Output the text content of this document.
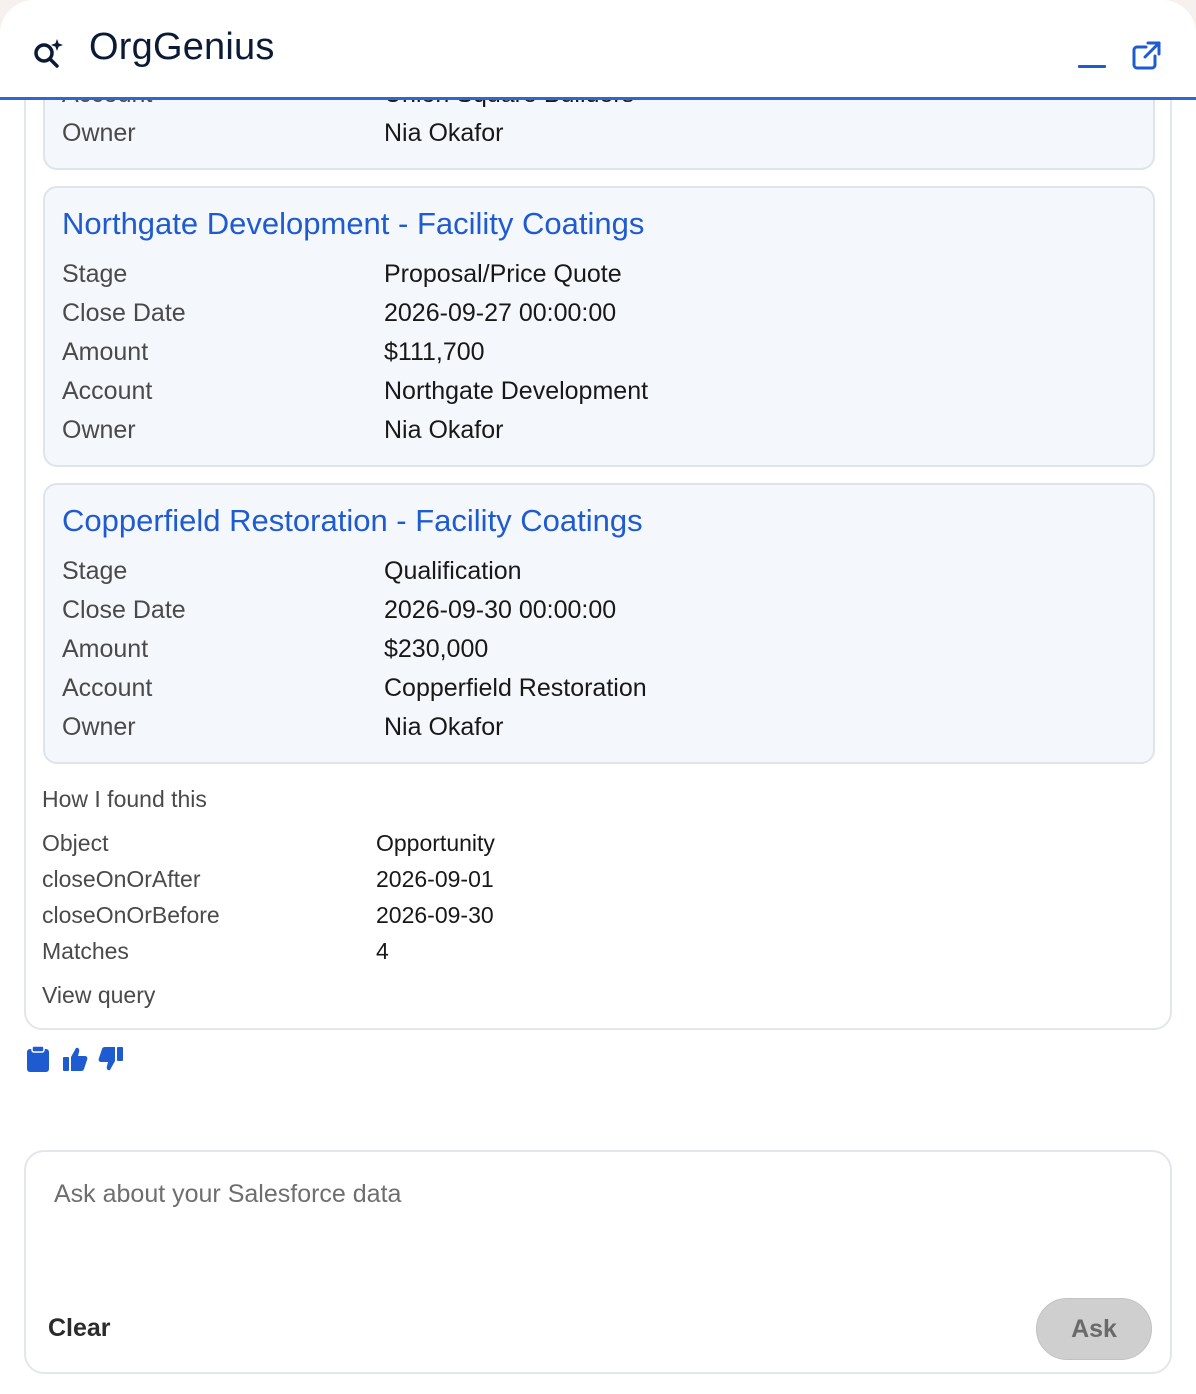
OrgGenius
Owner	Nia Okafor
Northgate Development - Facility Coatings
Stage	Proposal/Price Quote
Close Date	2026-09-27 00:00:00
Amount	$111,700
Account	Northgate Development
Owner	Nia Okafor
Copperfield Restoration - Facility Coatings
Stage	Qualification
Close Date	2026-09-30 00:00:00
Amount	$230,000
Account	Copperfield Restoration
Owner	Nia Okafor
How I found this
Object	Opportunity
closeOnOrAfter	2026-09-01
closeOnOrBefore	2026-09-30
Matches	4
View query
Ask about your Salesforce data
Clear	Ask
